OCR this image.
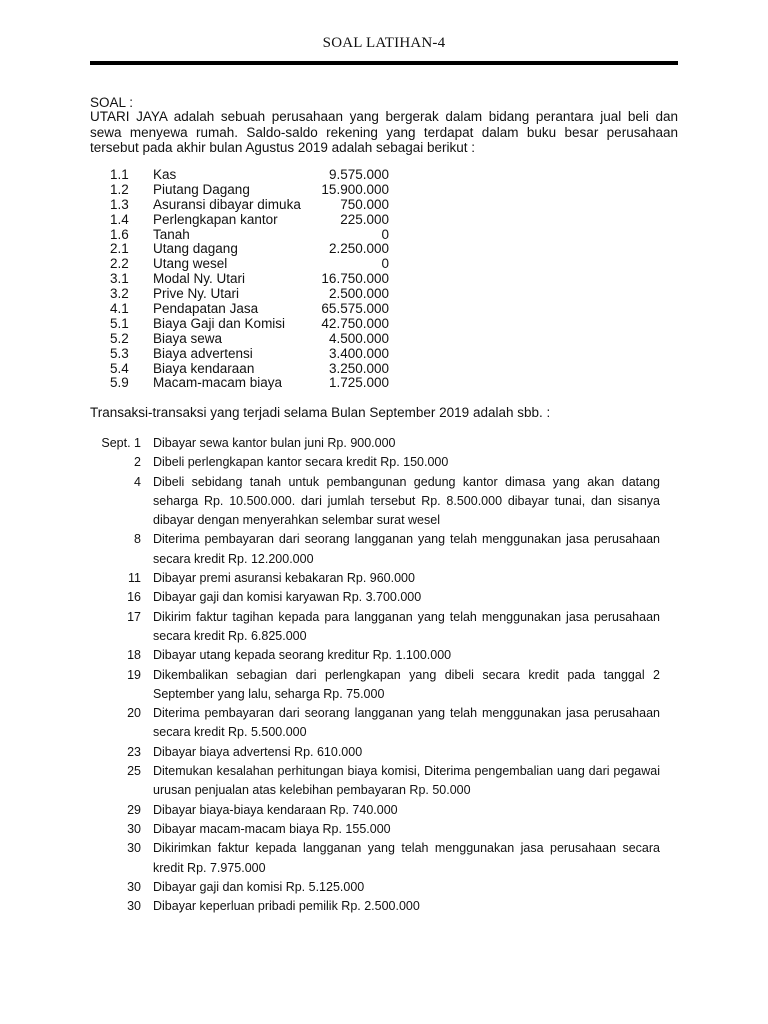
SOAL LATIHAN-4
SOAL :
UTARI JAYA adalah sebuah perusahaan yang bergerak dalam bidang perantara jual beli dan sewa menyewa rumah. Saldo-saldo rekening yang terdapat dalam buku besar perusahaan tersebut pada akhir bulan Agustus 2019 adalah sebagai berikut :
1.1	Kas	9.575.000
1.2	Piutang Dagang	15.900.000
1.3	Asuransi dibayar dimuka	750.000
1.4	Perlengkapan kantor	225.000
1.6	Tanah	0
2.1	Utang dagang	2.250.000
2.2	Utang wesel	0
3.1	Modal Ny. Utari	16.750.000
3.2	Prive Ny. Utari	2.500.000
4.1	Pendapatan Jasa	65.575.000
5.1	Biaya Gaji dan Komisi	42.750.000
5.2	Biaya sewa	4.500.000
5.3	Biaya advertensi	3.400.000
5.4	Biaya kendaraan	3.250.000
5.9	Macam-macam biaya	1.725.000
Transaksi-transaksi yang terjadi selama Bulan September 2019 adalah sbb. :
Sept. 1 Dibayar sewa kantor bulan juni Rp. 900.000
2 Dibeli perlengkapan kantor secara kredit Rp. 150.000
4 Dibeli sebidang tanah untuk pembangunan gedung kantor dimasa yang akan datang seharga Rp. 10.500.000. dari jumlah tersebut Rp. 8.500.000 dibayar tunai, dan sisanya dibayar dengan menyerahkan selembar surat wesel
8 Diterima pembayaran dari seorang langganan yang telah menggunakan jasa perusahaan secara kredit Rp. 12.200.000
11 Dibayar premi asuransi kebakaran Rp. 960.000
16 Dibayar gaji dan komisi karyawan Rp. 3.700.000
17 Dikirim faktur tagihan kepada para langganan yang telah menggunakan jasa perusahaan secara kredit Rp. 6.825.000
18 Dibayar utang kepada seorang kreditur Rp. 1.100.000
19 Dikembalikan sebagian dari perlengkapan yang dibeli secara kredit pada tanggal 2 September yang lalu, seharga Rp. 75.000
20 Diterima pembayaran dari seorang langganan yang telah menggunakan jasa perusahaan secara kredit Rp. 5.500.000
23 Dibayar biaya advertensi Rp. 610.000
25 Ditemukan kesalahan perhitungan biaya komisi, Diterima pengembalian uang dari pegawai urusan penjualan atas kelebihan pembayaran Rp. 50.000
29 Dibayar biaya-biaya kendaraan Rp. 740.000
30 Dibayar macam-macam biaya Rp. 155.000
30 Dikirimkan faktur kepada langganan yang telah menggunakan jasa perusahaan secara kredit Rp. 7.975.000
30 Dibayar gaji dan komisi Rp. 5.125.000
30 Dibayar keperluan pribadi pemilik Rp. 2.500.000
